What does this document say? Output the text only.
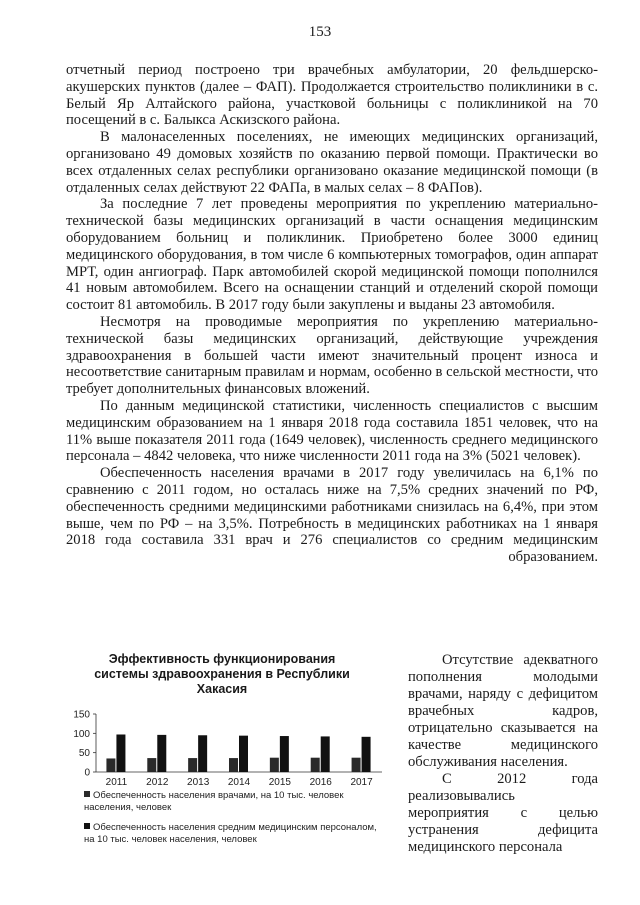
153

отчетный период построено три врачебных амбулатории, 20 фельдшерско-акушерских пунктов (далее – ФАП). Продолжается строительство поликлиники в с. Белый Яр Алтайского района, участковой больницы с поликлиникой на 70 посещений в с. Балыкса Аскизского района.

В малонаселенных поселениях, не имеющих медицинских организаций, организовано 49 домовых хозяйств по оказанию первой помощи. Практически во всех отдаленных селах республики организовано оказание медицинской помощи (в отдаленных селах действуют 22 ФАПа, в малых селах – 8 ФАПов).

За последние 7 лет проведены мероприятия по укреплению материально-технической базы медицинских организаций в части оснащения медицинским оборудованием больниц и поликлиник. Приобретено более 3000 единиц медицинского оборудования, в том числе 6 компьютерных томографов, один аппарат МРТ, один ангиограф. Парк автомобилей скорой медицинской помощи пополнился 41 новым автомобилем. Всего на оснащении станций и отделений скорой помощи состоит 81 автомобиль. В 2017 году были закуплены и выданы 23 автомобиля.

Несмотря на проводимые мероприятия по укреплению материально-технической базы медицинских организаций, действующие учреждения здравоохранения в большей части имеют значительный процент износа и несоответствие санитарным правилам и нормам, особенно в сельской местности, что требует дополнительных финансовых вложений.

По данным медицинской статистики, численность специалистов с высшим медицинским образованием на 1 января 2018 года составила 1851 человек, что на 11% выше показателя 2011 года (1649 человек), численность среднего медицинского персонала – 4842 человека, что ниже численности 2011 года на 3% (5021 человек).

Обеспеченность населения врачами в 2017 году увеличилась на 6,1% по сравнению с 2011 годом, но осталась ниже на 7,5% средних значений по РФ, обеспеченность средними медицинскими работниками снизилась на 6,4%, при этом выше, чем по РФ – на 3,5%. Потребность в медицинских работниках на 1 января 2018 года составила 331 врач и 276 специалистов со средним медицинским образованием.

Эффективность функционирования системы здравоохранения в Республики Хакасия
0
50
100
150
2011 2012 2013 2014 2015 2016 2017
Обеспеченность населения врачами, на 10 тыс. человек населения, человек
Обеспеченность населения средним медицинским персоналом, на 10 тыс. человек населения, человек

Отсутствие адекватного пополнения молодыми врачами, наряду с дефицитом врачебных кадров, отрицательно сказывается на качестве медицинского обслуживания населения.

С 2012 года реализовывались мероприятия с целью устранения дефицита медицинского персонала
